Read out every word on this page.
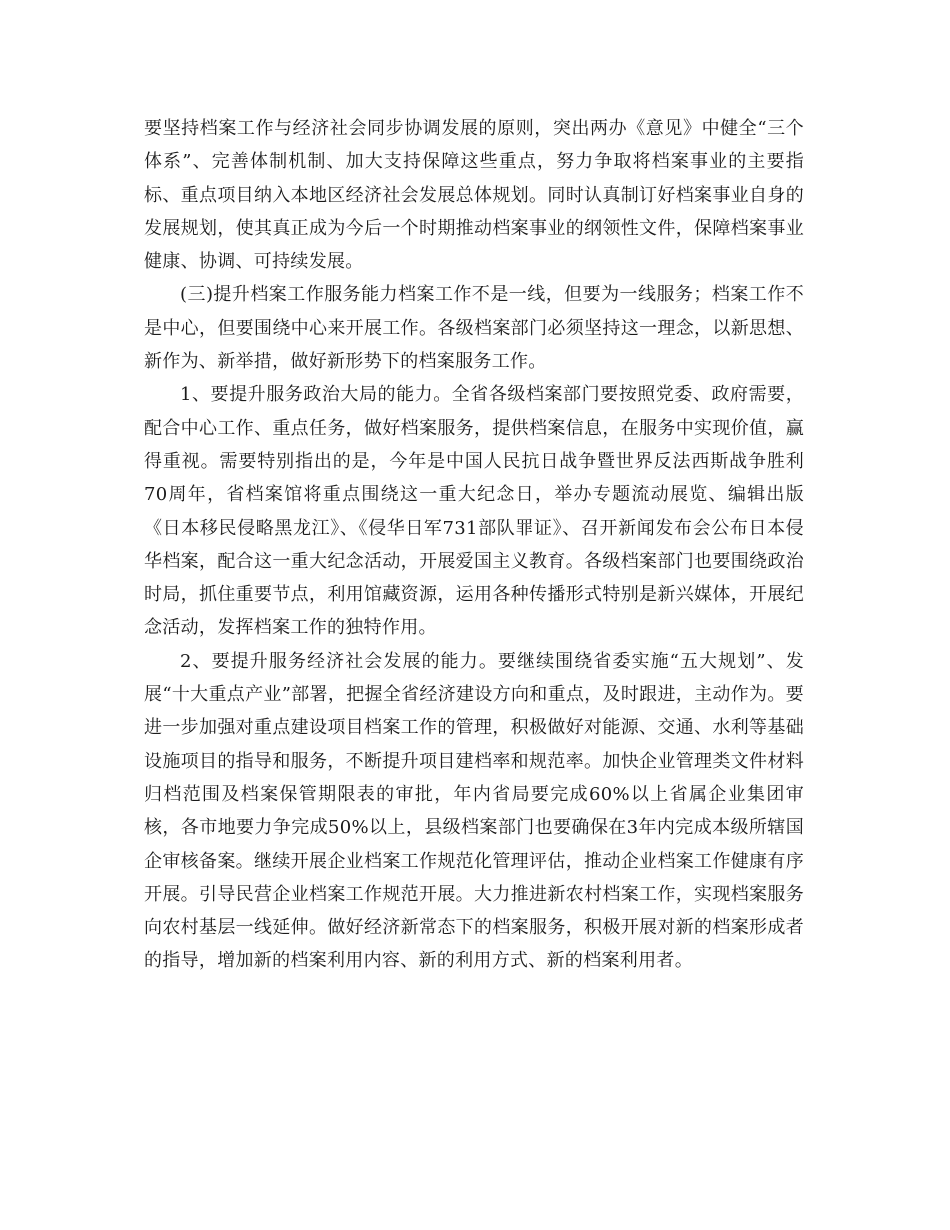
要坚持档案工作与经济社会同步协调发展的原则，突出两办《意见》中健全“三个体系”、完善体制机制、加大支持保障这些重点，努力争取将档案事业的主要指标、重点项目纳入本地区经济社会发展总体规划。同时认真制订好档案事业自身的发展规划，使其真正成为今后一个时期推动档案事业的纲领性文件，保障档案事业健康、协调、可持续发展。

(三)提升档案工作服务能力档案工作不是一线，但要为一线服务；档案工作不是中心，但要围绕中心来开展工作。各级档案部门必须坚持这一理念，以新思想、新作为、新举措，做好新形势下的档案服务工作。

1、要提升服务政治大局的能力。全省各级档案部门要按照党委、政府需要，配合中心工作、重点任务，做好档案服务，提供档案信息，在服务中实现价值，赢得重视。需要特别指出的是，今年是中国人民抗日战争暨世界反法西斯战争胜利70周年，省档案馆将重点围绕这一重大纪念日，举办专题流动展览、编辑出版《日本移民侵略黑龙江》、《侵华日军731部队罪证》、召开新闻发布会公布日本侵华档案，配合这一重大纪念活动，开展爱国主义教育。各级档案部门也要围绕政治时局，抓住重要节点，利用馆藏资源，运用各种传播形式特别是新兴媒体，开展纪念活动，发挥档案工作的独特作用。

2、要提升服务经济社会发展的能力。要继续围绕省委实施“五大规划”、发展“十大重点产业”部署，把握全省经济建设方向和重点，及时跟进，主动作为。要进一步加强对重点建设项目档案工作的管理，积极做好对能源、交通、水利等基础设施项目的指导和服务，不断提升项目建档率和规范率。加快企业管理类文件材料归档范围及档案保管期限表的审批，年内省局要完成60%以上省属企业集团审核，各市地要力争完成50%以上，县级档案部门也要确保在3年内完成本级所辖国企审核备案。继续开展企业档案工作规范化管理评估，推动企业档案工作健康有序开展。引导民营企业档案工作规范开展。大力推进新农村档案工作，实现档案服务向农村基层一线延伸。做好经济新常态下的档案服务，积极开展对新的档案形成者的指导，增加新的档案利用内容、新的利用方式、新的档案利用者。
